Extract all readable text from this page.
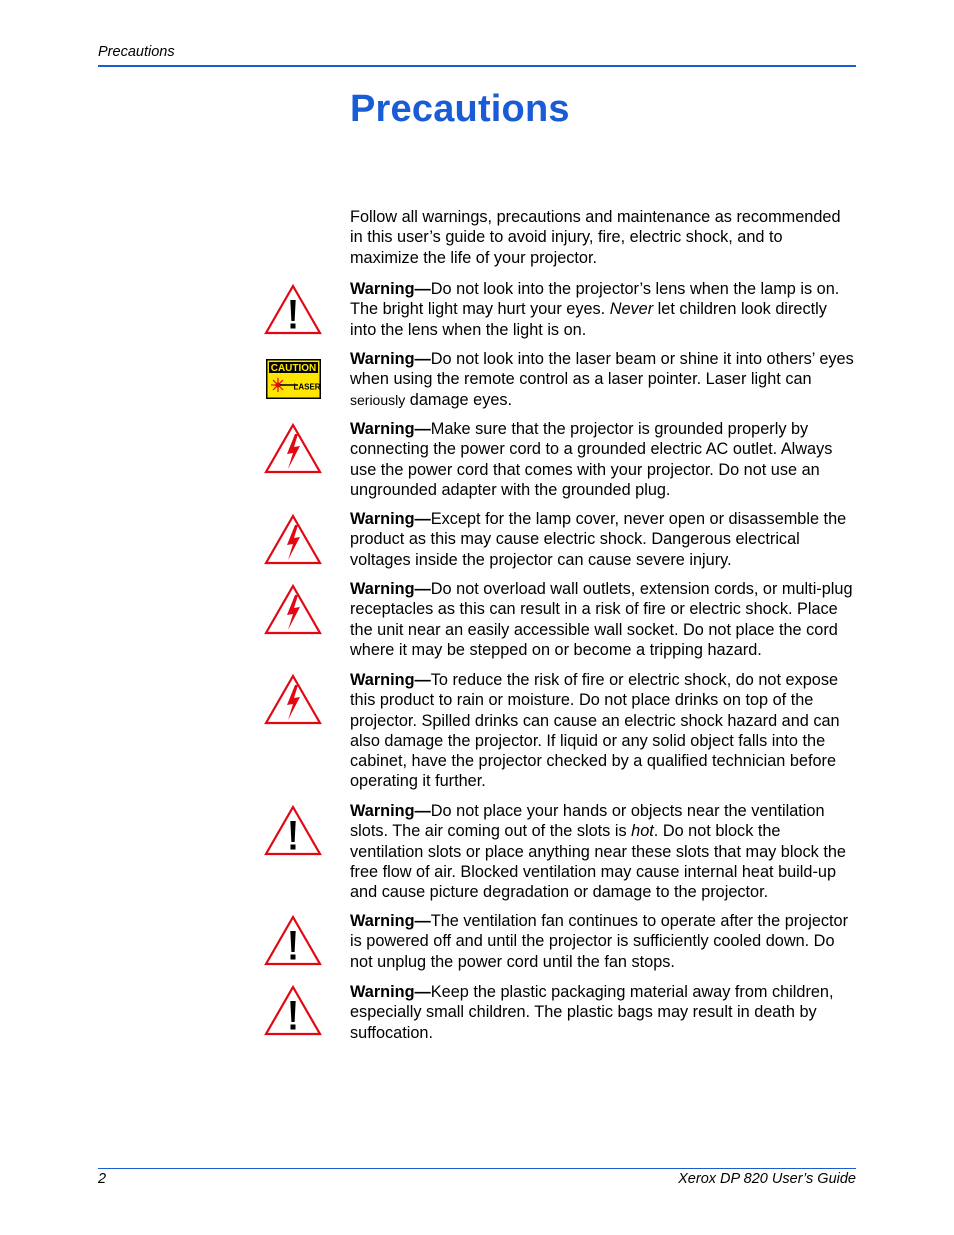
Precautions
Precautions
Follow all warnings, precautions and maintenance as recommended in this user’s guide to avoid injury, fire, electric shock, and to maximize the life of your projector.
Warning—Do not look into the projector’s lens when the lamp is on. The bright light may hurt your eyes. Never let children look directly into the lens when the light is on.
CAUTION
LASER
Warning—Do not look into the laser beam or shine it into others’ eyes when using the remote control as a laser pointer. Laser light can seriously damage eyes.
Warning—Make sure that the projector is grounded properly by connecting the power cord to a grounded electric AC outlet. Always use the power cord that comes with your projector. Do not use an ungrounded adapter with the grounded plug.
Warning—Except for the lamp cover, never open or disassemble the product as this may cause electric shock. Dangerous electrical voltages inside the projector can cause severe injury.
Warning—Do not overload wall outlets, extension cords, or multi-plug receptacles as this can result in a risk of fire or electric shock. Place the unit near an easily accessible wall socket. Do not place the cord where it may be stepped on or become a tripping hazard.
Warning—To reduce the risk of fire or electric shock, do not expose this product to rain or moisture. Do not place drinks on top of the projector. Spilled drinks can cause an electric shock hazard and can also damage the projector. If liquid or any solid object falls into the cabinet, have the projector checked by a qualified technician before operating it further.
Warning—Do not place your hands or objects near the ventilation slots. The air coming out of the slots is hot. Do not block the ventilation slots or place anything near these slots that may block the free flow of air. Blocked ventilation may cause internal heat build-up and cause picture degradation or damage to the projector.
Warning—The ventilation fan continues to operate after the projector is powered off and until the projector is sufficiently cooled down. Do not unplug the power cord until the fan stops.
Warning—Keep the plastic packaging material away from children, especially small children. The plastic bags may result in death by suffocation.
2	Xerox DP 820 User’s Guide
